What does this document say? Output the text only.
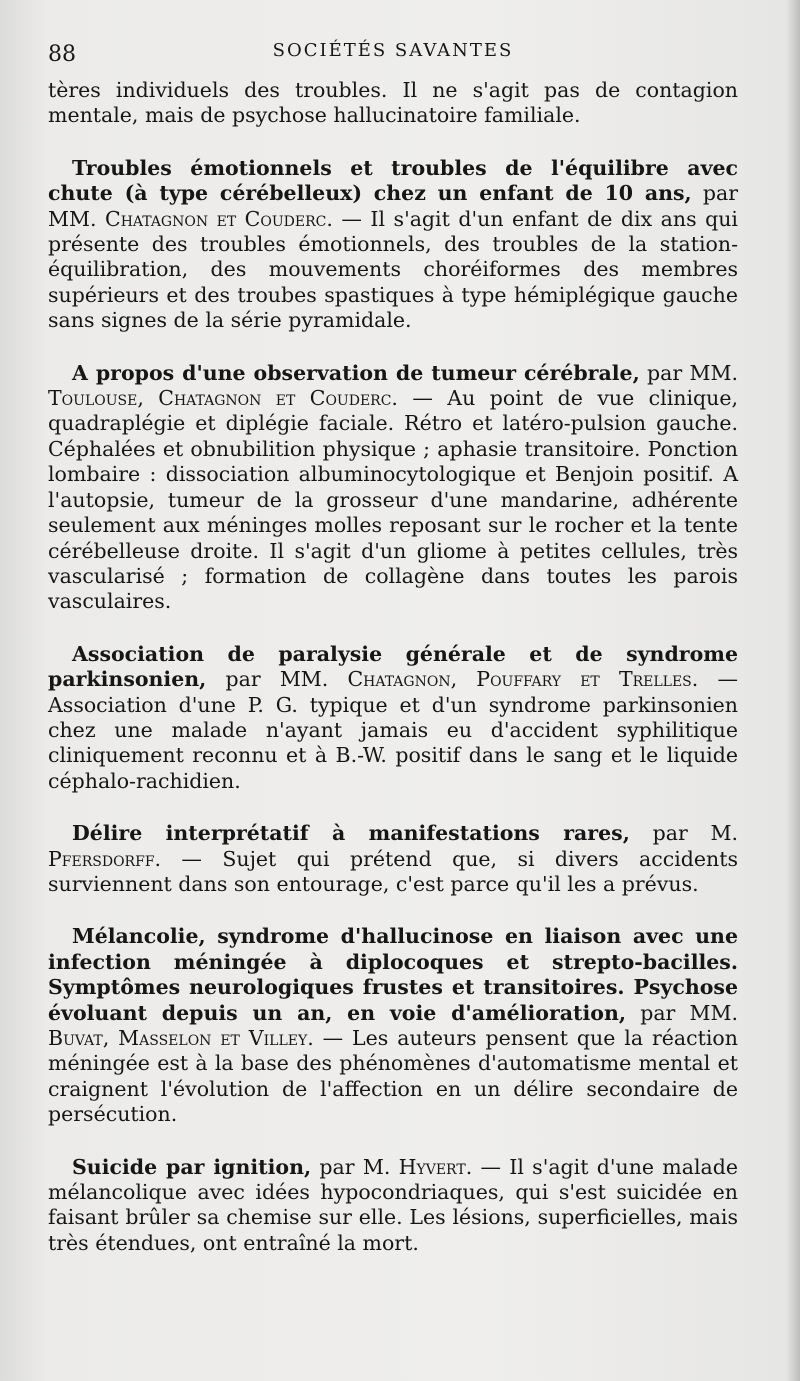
88	SOCIÉTÉS SAVANTES

tères individuels des troubles. Il ne s'agit pas de contagion mentale, mais de psychose hallucinatoire familiale.

Troubles émotionnels et troubles de l'équilibre avec chute (à type cérébelleux) chez un enfant de 10 ans, par MM. Chatagnon et Couderc. — Il s'agit d'un enfant de dix ans qui présente des troubles émotionnels, des troubles de la station-équilibration, des mouvements choréiformes des membres supérieurs et des troubes spastiques à type hémiplégique gauche sans signes de la série pyramidale.

A propos d'une observation de tumeur cérébrale, par MM. Toulouse, Chatagnon et Couderc. — Au point de vue clinique, quadraplégie et diplégie faciale. Rétro et latéro-pulsion gauche. Céphalées et obnubilition physique ; aphasie transitoire. Ponction lombaire : dissociation albuminocytologique et Benjoin positif. A l'autopsie, tumeur de la grosseur d'une mandarine, adhérente seulement aux méninges molles reposant sur le rocher et la tente cérébelleuse droite. Il s'agit d'un gliome à petites cellules, très vascularisé ; formation de collagène dans toutes les parois vasculaires.

Association de paralysie générale et de syndrome parkinsonien, par MM. Chatagnon, Pouffary et Trelles. — Association d'une P. G. typique et d'un syndrome parkinsonien chez une malade n'ayant jamais eu d'accident syphilitique cliniquement reconnu et à B.-W. positif dans le sang et le liquide céphalo-rachidien.

Délire interprétatif à manifestations rares, par M. Pfersdorff. — Sujet qui prétend que, si divers accidents surviennent dans son entourage, c'est parce qu'il les a prévus.

Mélancolie, syndrome d'hallucinose en liaison avec une infection méningée à diplocoques et strepto-bacilles. Symptômes neurologiques frustes et transitoires. Psychose évoluant depuis un an, en voie d'amélioration, par MM. Buvat, Masselon et Villey. — Les auteurs pensent que la réaction méningée est à la base des phénomènes d'automatisme mental et craignent l'évolution de l'affection en un délire secondaire de persécution.

Suicide par ignition, par M. Hyvert. — Il s'agit d'une malade mélancolique avec idées hypocondriaques, qui s'est suicidée en faisant brûler sa chemise sur elle. Les lésions, superficielles, mais très étendues, ont entraîné la mort.
